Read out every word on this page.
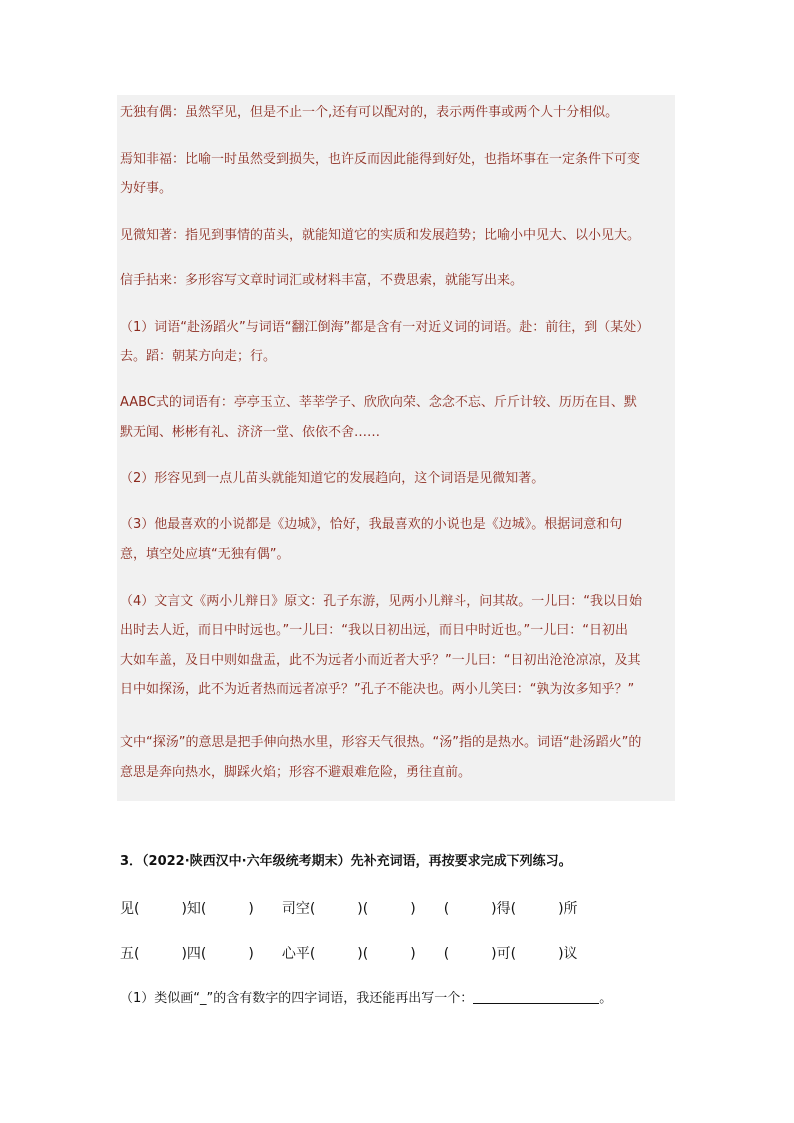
无独有偶：虽然罕见，但是不止一个,还有可以配对的，表示两件事或两个人十分相似。
焉知非福：比喻一时虽然受到损失，也许反而因此能得到好处，也指坏事在一定条件下可变
为好事。
见微知著：指见到事情的苗头，就能知道它的实质和发展趋势；比喻小中见大、以小见大。
信手拈来：多形容写文章时词汇或材料丰富，不费思索，就能写出来。
（1）词语“赴汤蹈火”与词语“翻江倒海”都是含有一对近义词的词语。赴：前往，到（某处）
去。蹈：朝某方向走；行。
AABC式的词语有：亭亭玉立、莘莘学子、欣欣向荣、念念不忘、斤斤计较、历历在目、默
默无闻、彬彬有礼、济济一堂、依依不舍……
（2）形容见到一点儿苗头就能知道它的发展趋向，这个词语是见微知著。
（3）他最喜欢的小说都是《边城》，恰好，我最喜欢的小说也是《边城》。根据词意和句
意，填空处应填“无独有偶”。
（4）文言文《两小儿辩日》原文：孔子东游，见两小儿辩斗，问其故。一儿曰：“我以日始
出时去人近，而日中时远也。”一儿曰：“我以日初出远，而日中时近也。”一儿曰：“日初出
大如车盖，及日中则如盘盂，此不为远者小而近者大乎？”一儿曰：“日初出沧沧凉凉，及其
日中如探汤，此不为近者热而远者凉乎？”孔子不能决也。两小儿笑曰：“孰为汝多知乎？”
文中“探汤”的意思是把手伸向热水里，形容天气很热。“汤”指的是热水。词语“赴汤蹈火”的
意思是奔向热水，脚踩火焰；形容不避艰难危险，勇往直前。
3．（2022·陕西汉中·六年级统考期末）先补充词语，再按要求完成下列练习。
见(　　　)知(　　　)　　司空(　　　)(　　　)　　(　　　)得(　　　)所
五(　　　)四(　　　)　　心平(　　　)(　　　)　　(　　　)可(　　　)议
（1）类似画“_”的含有数字的四字词语，我还能再出写一个：	。
